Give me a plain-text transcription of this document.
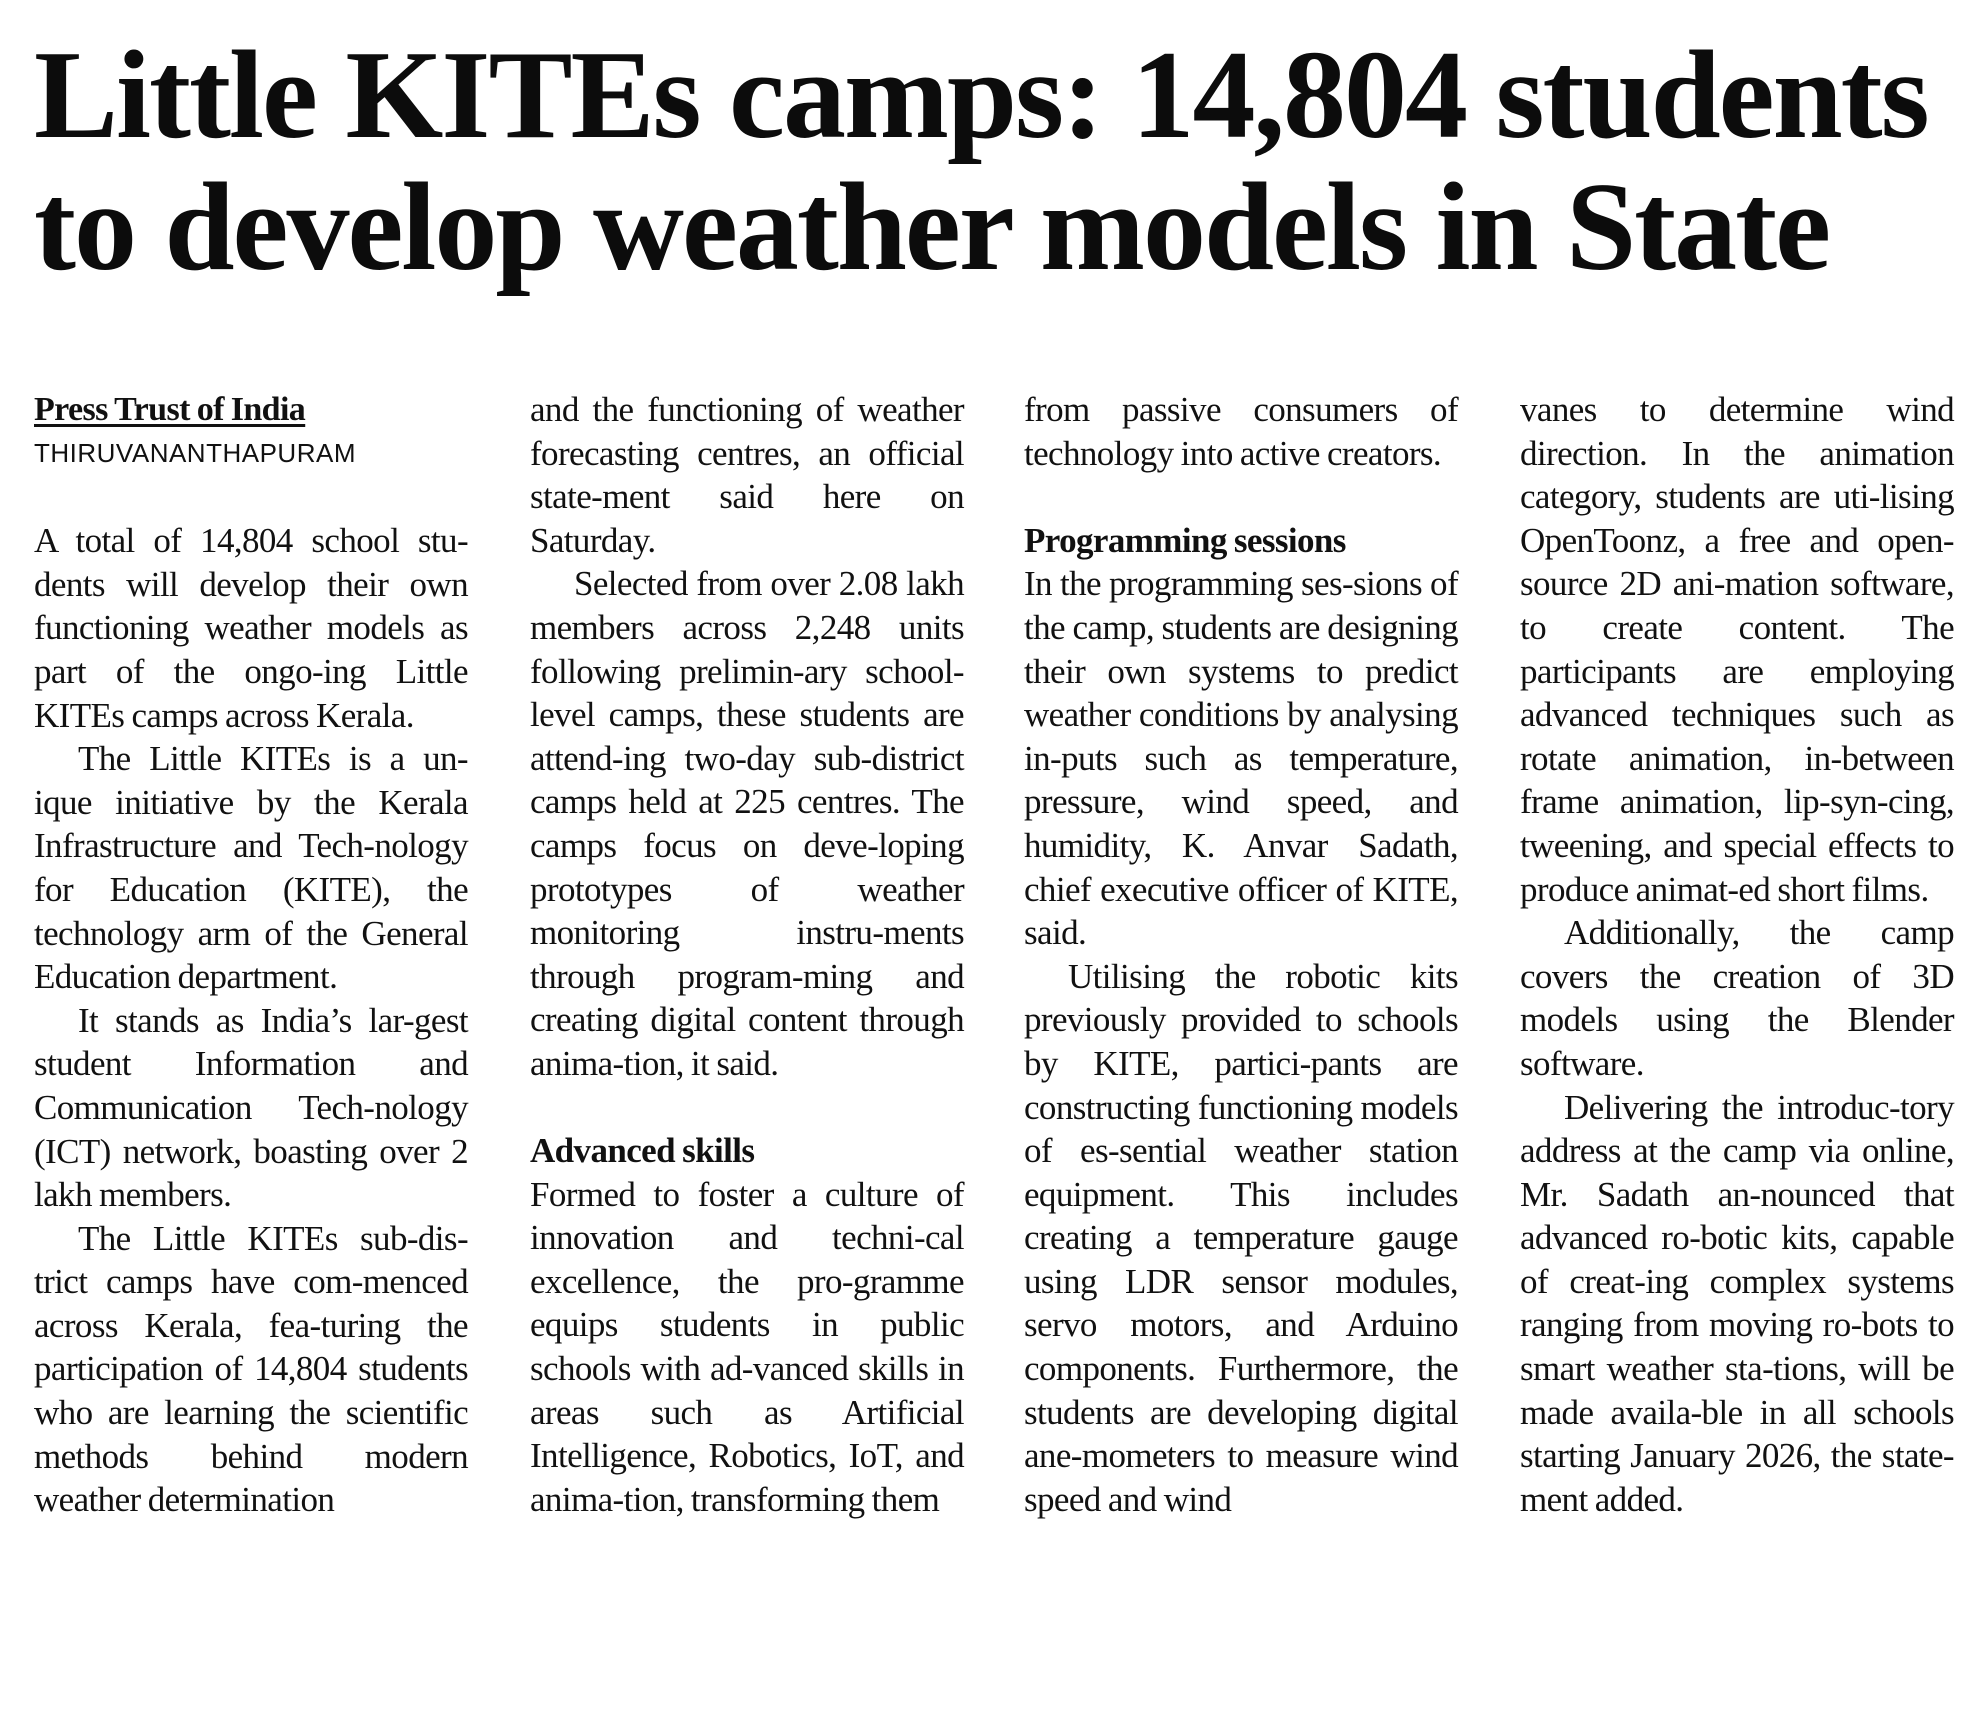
Little KITEs camps: 14,804 students
to develop weather models in State

Press Trust of India

THIRUVANANTHAPURAM

A total of 14,804 school stu-dents will develop their own functioning weather models as part of the ongo-ing Little KITEs camps across Kerala.

The Little KITEs is a un-ique initiative by the Kerala Infrastructure and Tech-nology for Education (KITE), the technology arm of the General Education department.

It stands as India’s lar-gest student Information and Communication Tech-nology (ICT) network, boasting over 2 lakh members.

The Little KITEs sub-dis-trict camps have com-menced across Kerala, fea-turing the participation of 14,804 students who are learning the scientific methods behind modern weather determination

and the functioning of weather forecasting centres, an official state-ment said here on Saturday.

Selected from over 2.08 lakh members across 2,248 units following prelimin-ary school-level camps, these students are attend-ing two-day sub-district camps held at 225 centres. The camps focus on deve-loping prototypes of weather monitoring instru-ments through program-ming and creating digital content through anima-tion, it said.

Advanced skills

Formed to foster a culture of innovation and techni-cal excellence, the pro-gramme equips students in public schools with ad-vanced skills in areas such as Artificial Intelligence, Robotics, IoT, and anima-tion, transforming them

from passive consumers of technology into active creators.

Programming sessions

In the programming ses-sions of the camp, students are designing their own systems to predict weather conditions by analysing in-puts such as temperature, pressure, wind speed, and humidity, K. Anvar Sadath, chief executive officer of KITE, said.

Utilising the robotic kits previously provided to schools by KITE, partici-pants are constructing functioning models of es-sential weather station equipment. This includes creating a temperature gauge using LDR sensor modules, servo motors, and Arduino components. Furthermore, the students are developing digital ane-mometers to measure wind speed and wind

vanes to determine wind direction. In the animation category, students are uti-lising OpenToonz, a free and open-source 2D ani-mation software, to create content. The participants are employing advanced techniques such as rotate animation, in-between frame animation, lip-syn-cing, tweening, and special effects to produce animat-ed short films.

Additionally, the camp covers the creation of 3D models using the Blender software.

Delivering the introduc-tory address at the camp via online, Mr. Sadath an-nounced that advanced ro-botic kits, capable of creat-ing complex systems ranging from moving ro-bots to smart weather sta-tions, will be made availa-ble in all schools starting January 2026, the state-ment added.
